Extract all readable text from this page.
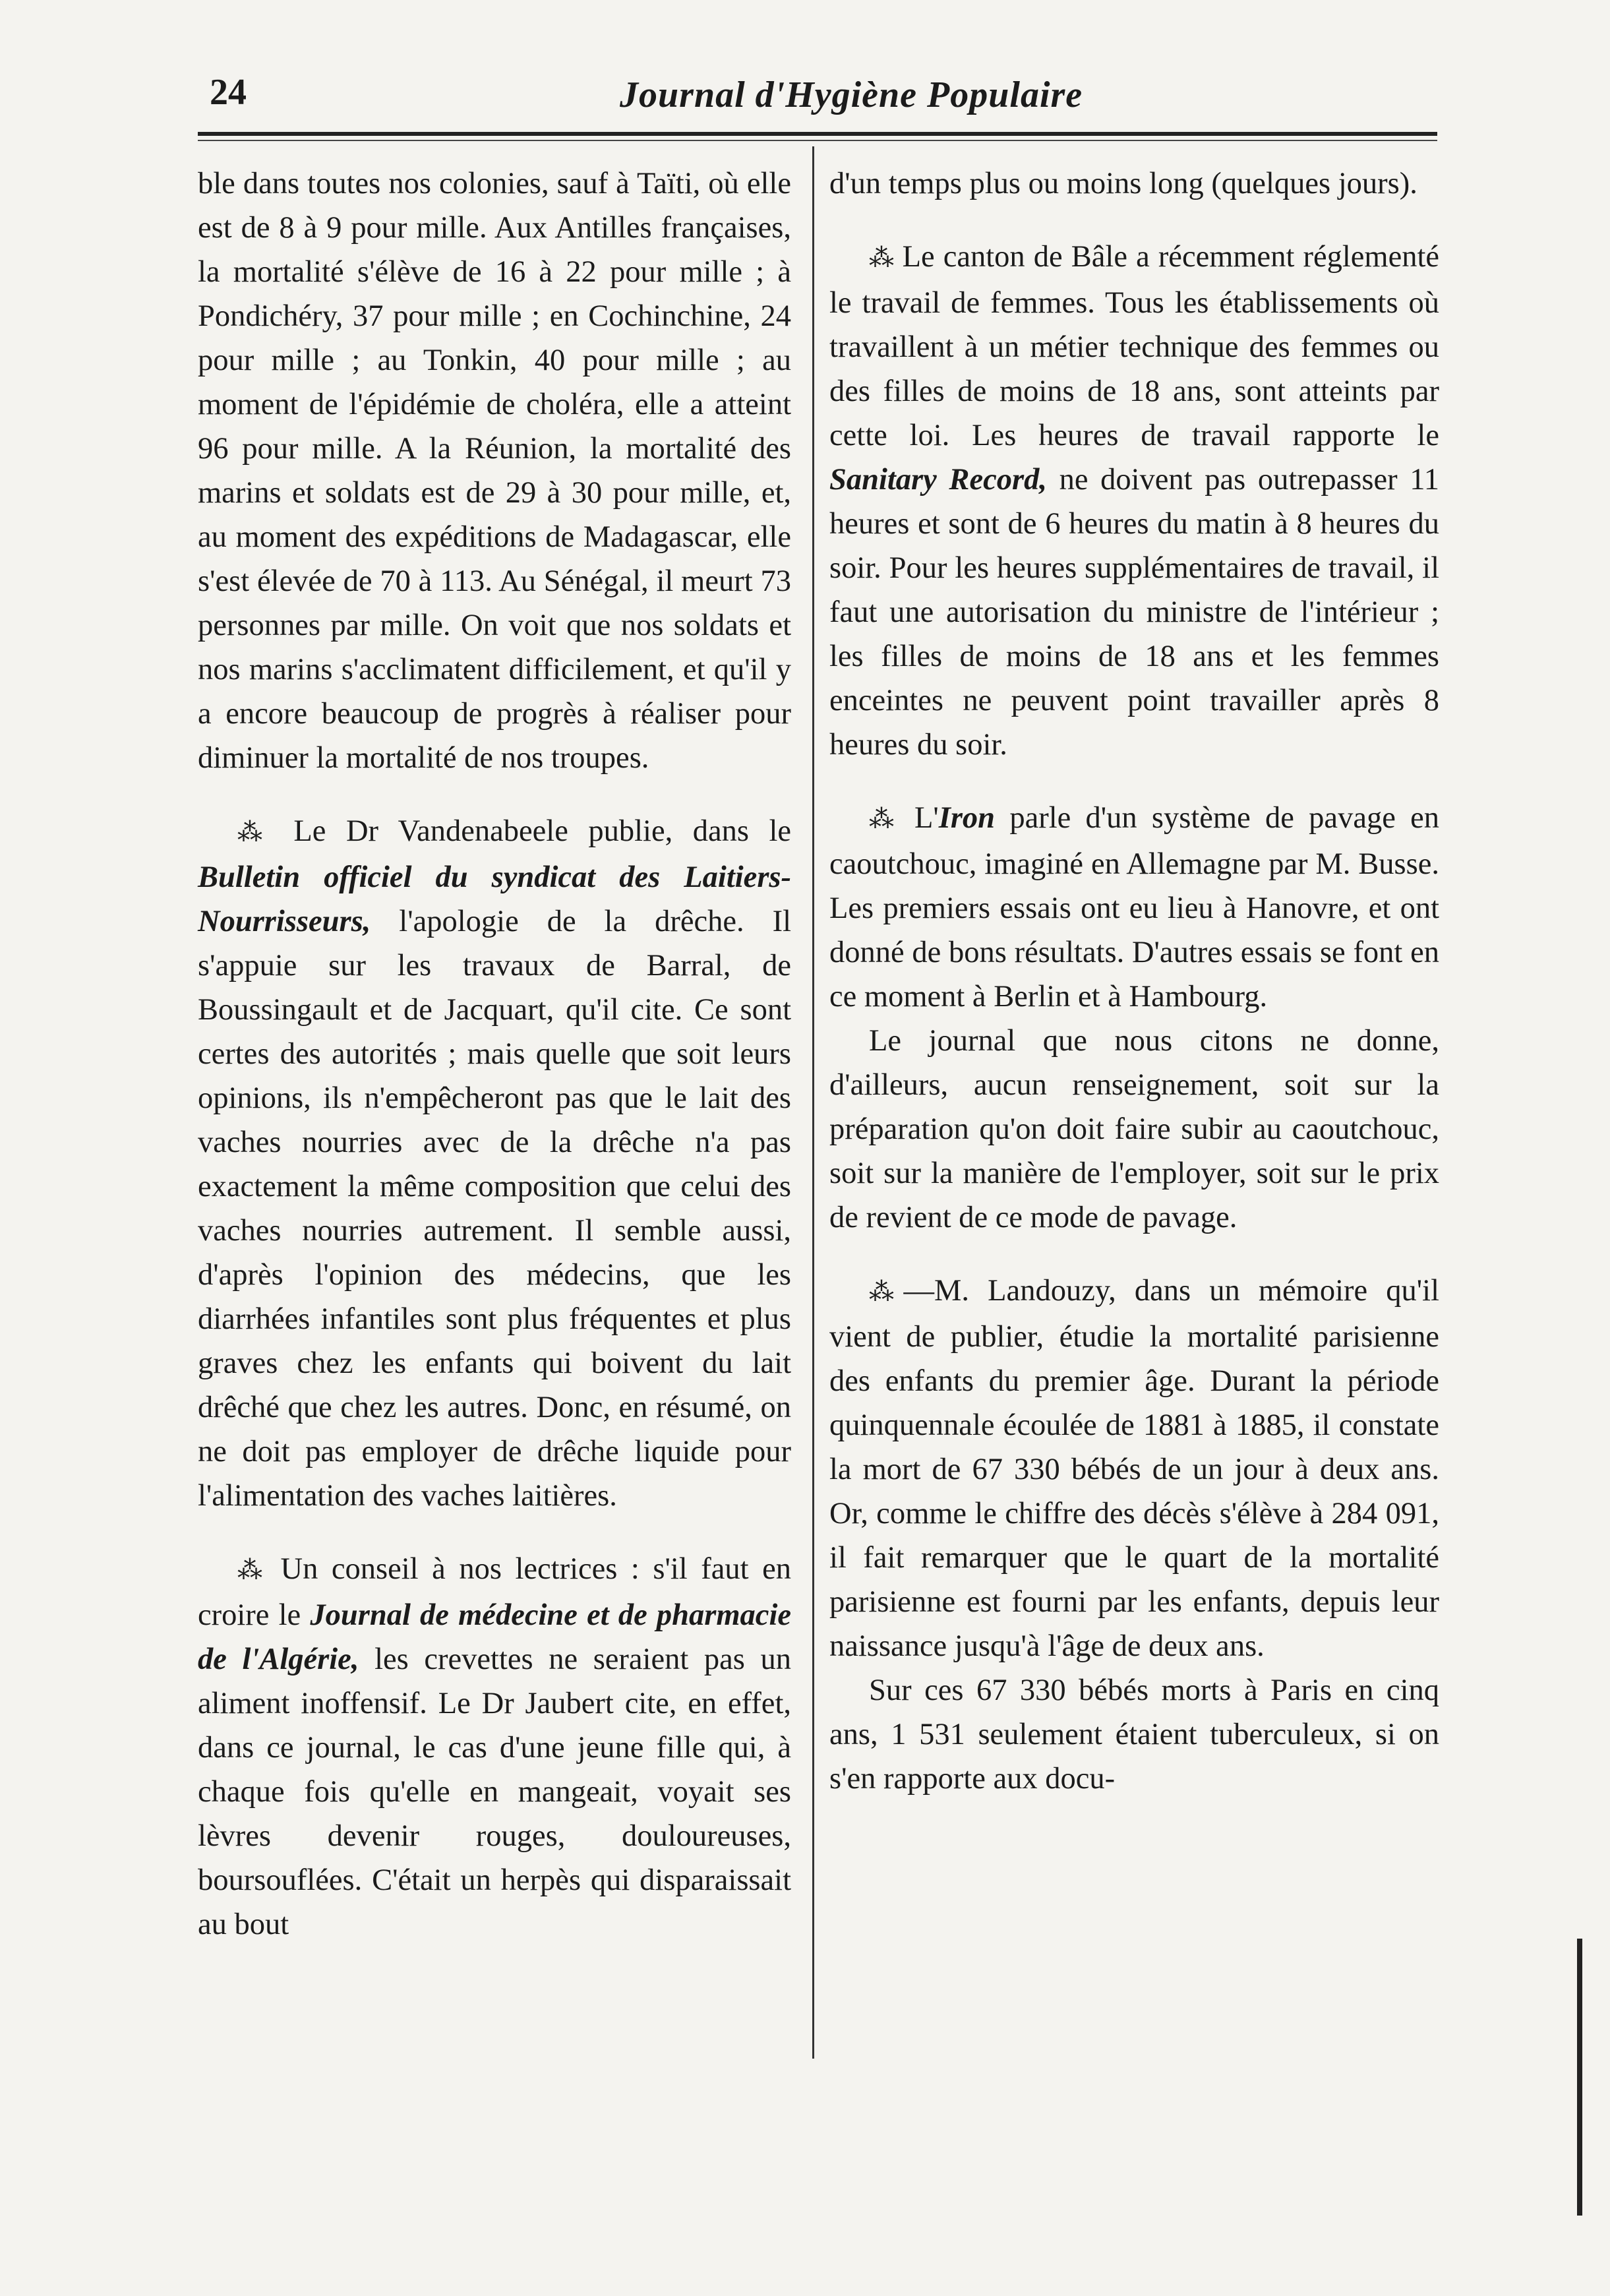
24	Journal d'Hygiène Populaire

ble dans toutes nos colonies, sauf à Taïti, où elle est de 8 à 9 pour mille. Aux Antilles françaises, la mortalité s'élève de 16 à 22 pour mille ; à Pondichéry, 37 pour mille ; en Cochinchine, 24 pour mille ; au Tonkin, 40 pour mille ; au moment de l'épidémie de choléra, elle a atteint 96 pour mille. A la Réunion, la mortalité des marins et soldats est de 29 à 30 pour mille, et, au moment des expéditions de Madagascar, elle s'est élevée de 70 à 113. Au Sénégal, il meurt 73 personnes par mille. On voit que nos soldats et nos marins s'acclimatent difficilement, et qu'il y a encore beaucoup de progrès à réaliser pour diminuer la mortalité de nos troupes.

⁂ Le Dr Vandenabeele publie, dans le Bulletin officiel du syndicat des Laitiers-Nourrisseurs, l'apologie de la drêche. Il s'appuie sur les travaux de Barral, de Boussingault et de Jacquart, qu'il cite. Ce sont certes des autorités ; mais quelle que soit leurs opinions, ils n'empêcheront pas que le lait des vaches nourries avec de la drêche n'a pas exactement la même composition que celui des vaches nourries autrement. Il semble aussi, d'après l'opinion des médecins, que les diarrhées infantiles sont plus fréquentes et plus graves chez les enfants qui boivent du lait drêché que chez les autres. Donc, en résumé, on ne doit pas employer de drêche liquide pour l'alimentation des vaches laitières.

⁂ Un conseil à nos lectrices : s'il faut en croire le Journal de médecine et de pharmacie de l'Algérie, les crevettes ne seraient pas un aliment inoffensif. Le Dr Jaubert cite, en effet, dans ce journal, le cas d'une jeune fille qui, à chaque fois qu'elle en mangeait, voyait ses lèvres devenir rouges, douloureuses, boursouflées. C'était un herpès qui disparaissait au bout

d'un temps plus ou moins long (quelques jours).

⁂ Le canton de Bâle a récemment réglementé le travail de femmes. Tous les établissements où travaillent à un métier technique des femmes ou des filles de moins de 18 ans, sont atteints par cette loi. Les heures de travail rapporte le Sanitary Record, ne doivent pas outrepasser 11 heures et sont de 6 heures du matin à 8 heures du soir. Pour les heures supplémentaires de travail, il faut une autorisation du ministre de l'intérieur ; les filles de moins de 18 ans et les femmes enceintes ne peuvent point travailler après 8 heures du soir.

⁂ L'Iron parle d'un système de pavage en caoutchouc, imaginé en Allemagne par M. Busse. Les premiers essais ont eu lieu à Hanovre, et ont donné de bons résultats. D'autres essais se font en ce moment à Berlin et à Hambourg.

Le journal que nous citons ne donne, d'ailleurs, aucun renseignement, soit sur la préparation qu'on doit faire subir au caoutchouc, soit sur la manière de l'employer, soit sur le prix de revient de ce mode de pavage.

⁂—M. Landouzy, dans un mémoire qu'il vient de publier, étudie la mortalité parisienne des enfants du premier âge. Durant la période quinquennale écoulée de 1881 à 1885, il constate la mort de 67 330 bébés de un jour à deux ans. Or, comme le chiffre des décès s'élève à 284 091, il fait remarquer que le quart de la mortalité parisienne est fourni par les enfants, depuis leur naissance jusqu'à l'âge de deux ans.

Sur ces 67 330 bébés morts à Paris en cinq ans, 1 531 seulement étaient tuberculeux, si on s'en rapporte aux docu-
